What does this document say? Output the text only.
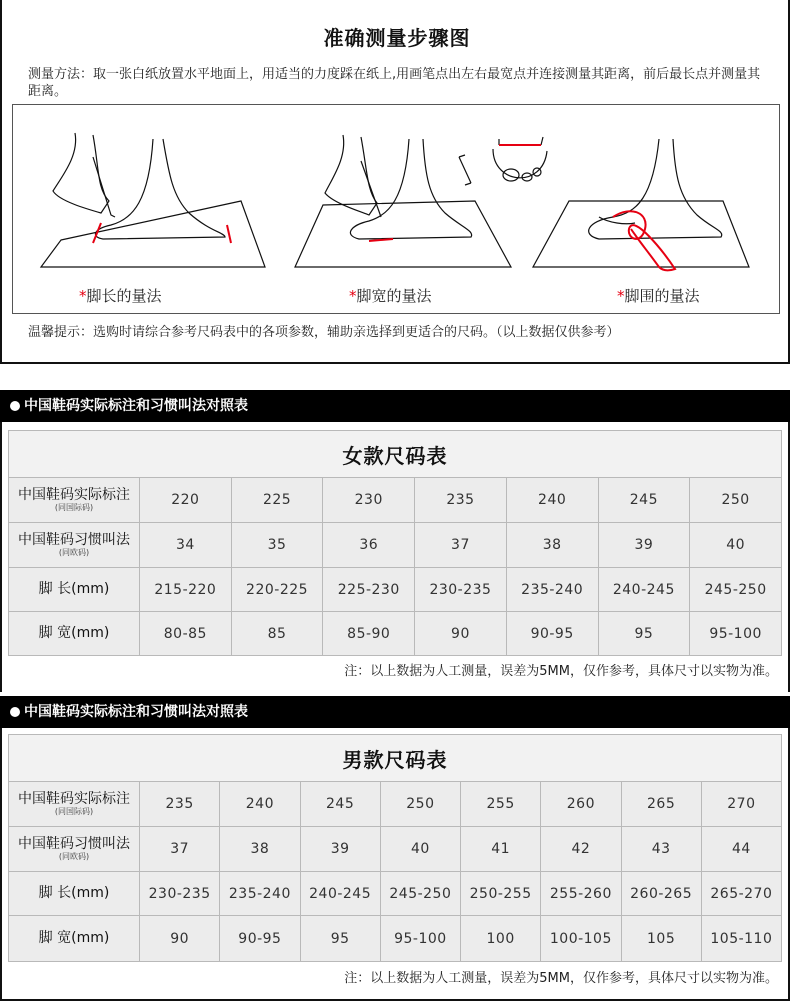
准确测量步骤图
测量方法：取一张白纸放置水平地面上，用适当的力度踩在纸上,用画笔点出左右最宽点并连接测量其距离，前后最长点并测量其距离。
*脚长的量法	*脚宽的量法	*脚围的量法
温馨提示：选购时请综合参考尺码表中的各项参数，辅助亲选择到更适合的尺码。（以上数据仅供参考）
中国鞋码实际标注和习惯叫法对照表
女款尺码表							
中国鞋码实际标注
(同国际码)	220	225	230	235	240	245	250
中国鞋码习惯叫法
(同欧码)	34	35	36	37	38	39	40
脚 长(mm)	215-220	220-225	225-230	230-235	235-240	240-245	245-250
脚 宽(mm)	80-85	85	85-90	90	90-95	95	95-100
注：以上数据为人工测量，误差为5MM，仅作参考，具体尺寸以实物为准。
中国鞋码实际标注和习惯叫法对照表
男款尺码表								
中国鞋码实际标注
(同国际码)	235	240	245	250	255	260	265	270
中国鞋码习惯叫法
(同欧码)	37	38	39	40	41	42	43	44
脚 长(mm)	230-235	235-240	240-245	245-250	250-255	255-260	260-265	265-270
脚 宽(mm)	90	90-95	95	95-100	100	100-105	105	105-110
注：以上数据为人工测量，误差为5MM，仅作参考，具体尺寸以实物为准。
